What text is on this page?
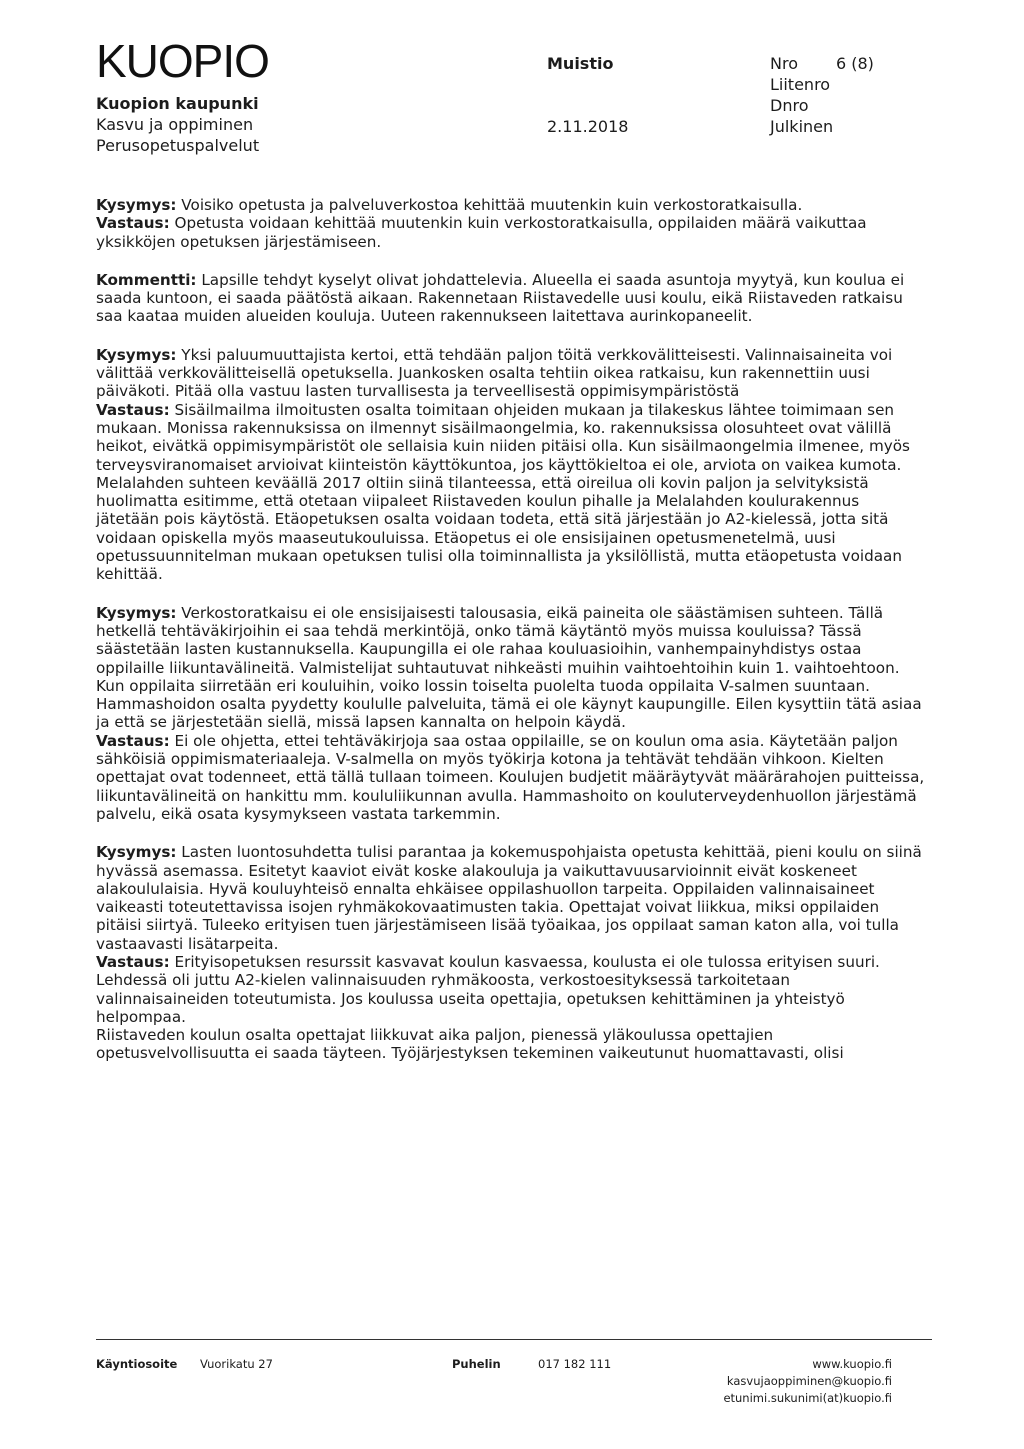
KUOPIO
Kuopion kaupunki
Kasvu ja oppiminen
Perusopetuspalvelut
Muistio
2.11.2018
Nro 6 (8)
Liitenro
Dnro
Julkinen

Kysymys: Voisiko opetusta ja palveluverkostoa kehittää muutenkin kuin verkostoratkaisulla.

Vastaus: Opetusta voidaan kehittää muutenkin kuin verkostoratkaisulla, oppilaiden määrä vaikuttaa yksikköjen opetuksen järjestämiseen.

Kommentti: Lapsille tehdyt kyselyt olivat johdattelevia. Alueella ei saada asuntoja myytyä, kun koulua ei saada kuntoon, ei saada päätöstä aikaan. Rakennetaan Riistavedelle uusi koulu, eikä Riistaveden ratkaisu saa kaataa muiden alueiden kouluja. Uuteen rakennukseen laitettava aurinkopaneelit.

Kysymys: Yksi paluumuuttajista kertoi, että tehdään paljon töitä verkkovälitteisesti. Valinnaisaineita voi välittää verkkovälitteisellä opetuksella. Juankosken osalta tehtiin oikea ratkaisu, kun rakennettiin uusi päiväkoti. Pitää olla vastuu lasten turvallisesta ja terveellisestä oppimisympäristöstä

Vastaus: Sisäilmailma ilmoitusten osalta toimitaan ohjeiden mukaan ja tilakeskus lähtee toimimaan sen mukaan. Monissa rakennuksissa on ilmennyt sisäilmaongelmia, ko. rakennuksissa olosuhteet ovat välillä heikot, eivätkä oppimisympäristöt ole sellaisia kuin niiden pitäisi olla. Kun sisäilmaongelmia ilmenee, myös terveysviranomaiset arvioivat kiinteistön käyttökuntoa, jos käyttökieltoa ei ole, arviota on vaikea kumota. Melalahden suhteen keväällä 2017 oltiin siinä tilanteessa, että oireilua oli kovin paljon ja selvityksistä huolimatta esitimme, että otetaan viipaleet Riistaveden koulun pihalle ja Melalahden koulurakennus jätetään pois käytöstä. Etäopetuksen osalta voidaan todeta, että sitä järjestään jo A2-kielessä, jotta sitä voidaan opiskella myös maaseutukouluissa. Etäopetus ei ole ensisijainen opetusmenetelmä, uusi opetussuunnitelman mukaan opetuksen tulisi olla toiminnallista ja yksilöllistä, mutta etäopetusta voidaan kehittää.

Kysymys: Verkostoratkaisu ei ole ensisijaisesti talousasia, eikä paineita ole säästämisen suhteen. Tällä hetkellä tehtäväkirjoihin ei saa tehdä merkintöjä, onko tämä käytäntö myös muissa kouluissa? Tässä säästetään lasten kustannuksella. Kaupungilla ei ole rahaa kouluasioihin, vanhempainyhdistys ostaa oppilaille liikuntavälineitä. Valmistelijat suhtautuvat nihkeästi muihin vaihtoehtoihin kuin 1. vaihtoehtoon. Kun oppilaita siirretään eri kouluihin, voiko lossin toiselta puolelta tuoda oppilaita V-salmen suuntaan. Hammashoidon osalta pyydetty koululle palveluita, tämä ei ole käynyt kaupungille. Eilen kysyttiin tätä asiaa ja että se järjestetään siellä, missä lapsen kannalta on helpoin käydä.

Vastaus: Ei ole ohjetta, ettei tehtäväkirjoja saa ostaa oppilaille, se on koulun oma asia. Käytetään paljon sähköisiä oppimismateriaaleja. V-salmella on myös työkirja kotona ja tehtävät tehdään vihkoon. Kielten opettajat ovat todenneet, että tällä tullaan toimeen. Koulujen budjetit määräytyvät määrärahojen puitteissa, liikuntavälineitä on hankittu mm. koululiikunnan avulla. Hammashoito on kouluterveydenhuollon järjestämä palvelu, eikä osata kysymykseen vastata tarkemmin.

Kysymys: Lasten luontosuhdetta tulisi parantaa ja kokemuspohjaista opetusta kehittää, pieni koulu on siinä hyvässä asemassa. Esitetyt kaaviot eivät koske alakouluja ja vaikuttavuusarvioinnit eivät koskeneet alakoululaisia. Hyvä kouluyhteisö ennalta ehkäisee oppilashuollon tarpeita. Oppilaiden valinnaisaineet vaikeasti toteutettavissa isojen ryhmäkokovaatimusten takia. Opettajat voivat liikkua, miksi oppilaiden pitäisi siirtyä. Tuleeko erityisen tuen järjestämiseen lisää työaikaa, jos oppilaat saman katon alla, voi tulla vastaavasti lisätarpeita.

Vastaus: Erityisopetuksen resurssit kasvavat koulun kasvaessa, koulusta ei ole tulossa erityisen suuri. Lehdessä oli juttu A2-kielen valinnaisuuden ryhmäkoosta, verkostoesityksessä tarkoitetaan valinnaisaineiden toteutumista. Jos koulussa useita opettajia, opetuksen kehittäminen ja yhteistyö helpompaa.

Riistaveden koulun osalta opettajat liikkuvat aika paljon, pienessä yläkoulussa opettajien opetusvelvollisuutta ei saada täyteen. Työjärjestyksen tekeminen vaikeutunut huomattavasti, olisi

Käyntiosoite Vuorikatu 27	Puhelin	017 182 111	www.kuopio.fi
kasvujaoppiminen@kuopio.fi
etunimi.sukunimi(at)kuopio.fi
